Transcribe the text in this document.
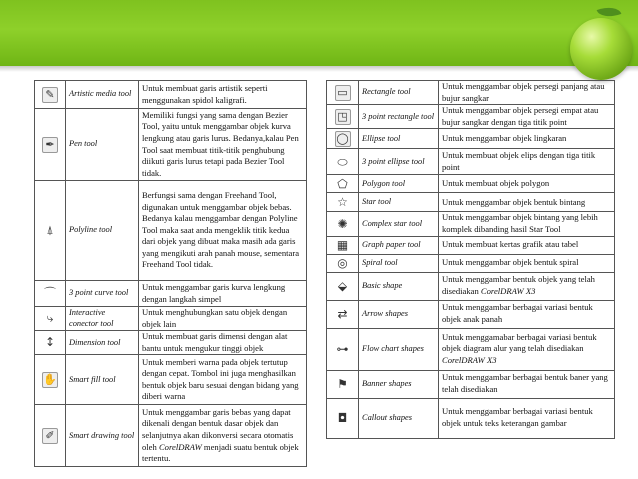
✎	Artistic media tool	Untuk membuat garis artistik seperti menggunakan spidol kaligrafi.
✒	Pen tool	Memiliki fungsi yang sama dengan Bezier Tool, yaitu untuk menggambar objek kurva lengkung atau garis lurus. Bedanya,kalau Pen Tool saat membuat titik-titik penghubung diikuti garis lurus tetapi pada Bezier Tool tidak.
⍋	Polyline tool	Berfungsi sama dengan Freehand Tool, digunakan untuk menggambar objek bebas. Bedanya kalau menggambar dengan Polyline Tool maka saat anda mengeklik titik kedua dari objek yang dibuat maka masih ada garis yang mengikuti arah panah mouse, sementara Freehand Tool tidak.
⌒	3 point curve tool	Untuk menggambar garis kurva lengkung dengan langkah simpel
⤷	Interactive conector tool	Untuk menghubungkan satu objek dengan objek lain
↕	Dimension tool	Untuk membuat garis dimensi dengan alat bantu untuk mengukur tinggi objek
✋	Smart fill tool	Untuk memberi warna pada objek tertutup dengan cepat. Tombol ini juga menghasilkan bentuk objek baru sesuai dengan bidang yang diberi warna
✐	Smart drawing tool	Untuk menggambar garis bebas yang dapat dikenali dengan bentuk dasar objek dan selanjutnya akan dikonversi secara otomatis oleh CorelDRAW menjadi suatu bentuk objek tertentu.
▭	Rectangle tool	Untuk menggambar objek persegi panjang atau bujur sangkar
◳	3 point rectangle tool	Untuk menggambar objek persegi empat atau bujur sangkar dengan tiga titik point
◯	Ellipse tool	Untuk menggambar objek lingkaran
⬭	3 point ellipse tool	Untuk membuat objek elips dengan tiga titik point
⬠	Polygon tool	Untuk membuat objek polygon
☆	Star tool	Untuk menggambar objek bentuk bintang
✺	Complex star tool	Untuk menggambar objek bintang yang lebih komplek dibanding hasil Star Tool
▦	Graph paper tool	Untuk membuat kertas grafik atau tabel
◎	Spiral tool	Untuk menggambar objek bentuk spiral
⬙	Basic shape	Untuk menggambar bentuk objek yang telah disediakan CorelDRAW X3
⇄	Arrow shapes	Untuk menggambar berbagai variasi bentuk objek anak panah
⊶	Flow chart shapes	Untuk menggamabar berbagai variasi bentuk objek diagram alur yang telah disediakan CorelDRAW X3
⚑	Banner shapes	Untuk menggambar berbagai bentuk baner yang telah disediakan
◘	Callout shapes	Untuk menggambar berbagai variasi bentuk objek untuk teks keterangan gambar
